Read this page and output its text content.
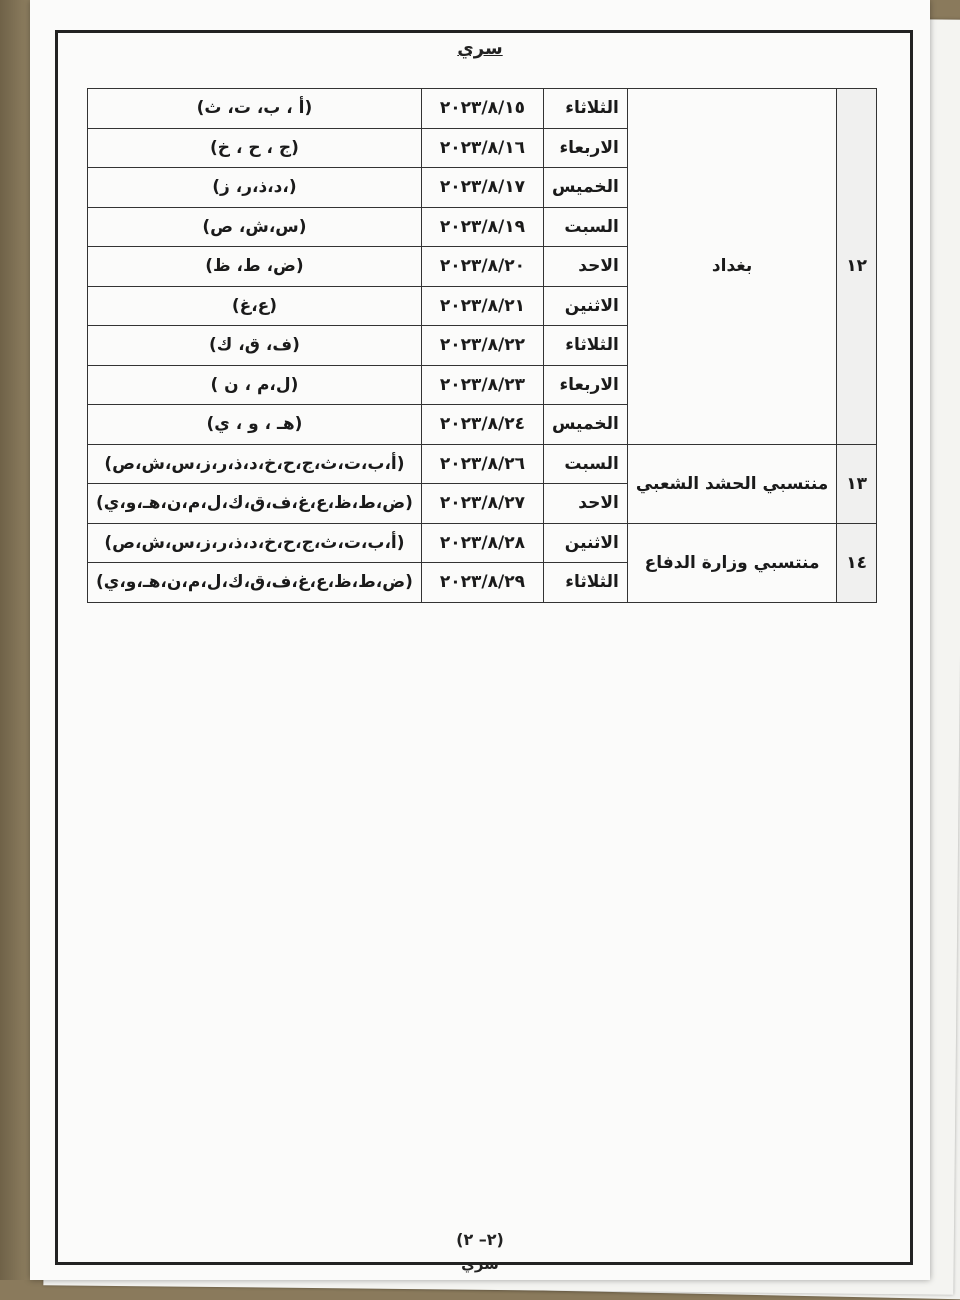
سري
١٢	بغداد	الثلاثاء	٢٠٢٣/٨/١٥	(أ ، ب، ت، ث)
		الاربعاء	٢٠٢٣/٨/١٦	(ج ، ح ، خ)
		الخميس	٢٠٢٣/٨/١٧	(،د،ذ،ر، ز)
		السبت	٢٠٢٣/٨/١٩	(س،ش، ص)
		الاحد	٢٠٢٣/٨/٢٠	(ض، ط، ظ)
		الاثنين	٢٠٢٣/٨/٢١	(ع،غ)
		الثلاثاء	٢٠٢٣/٨/٢٢	(ف، ق، ك)
		الاربعاء	٢٠٢٣/٨/٢٣	(ل،م ، ن )
		الخميس	٢٠٢٣/٨/٢٤	(هـ ، و ، ي)
١٣	منتسبي الحشد الشعبي	السبت	٢٠٢٣/٨/٢٦	(أ،ب،ت،ث،ج،ح،خ،د،ذ،ر،ز،س،ش،ص)
		الاحد	٢٠٢٣/٨/٢٧	(ض،ط،ظ،ع،غ،ف،ق،ك،ل،م،ن،هـ،و،ي)
١٤	منتسبي وزارة الدفاع	الاثنين	٢٠٢٣/٨/٢٨	(أ،ب،ت،ث،ج،ح،خ،د،ذ،ر،ز،س،ش،ص)
		الثلاثاء	٢٠٢٣/٨/٢٩	(ض،ط،ظ،ع،غ،ف،ق،ك،ل،م،ن،هـ،و،ي)
(٢– ٢)
سري
